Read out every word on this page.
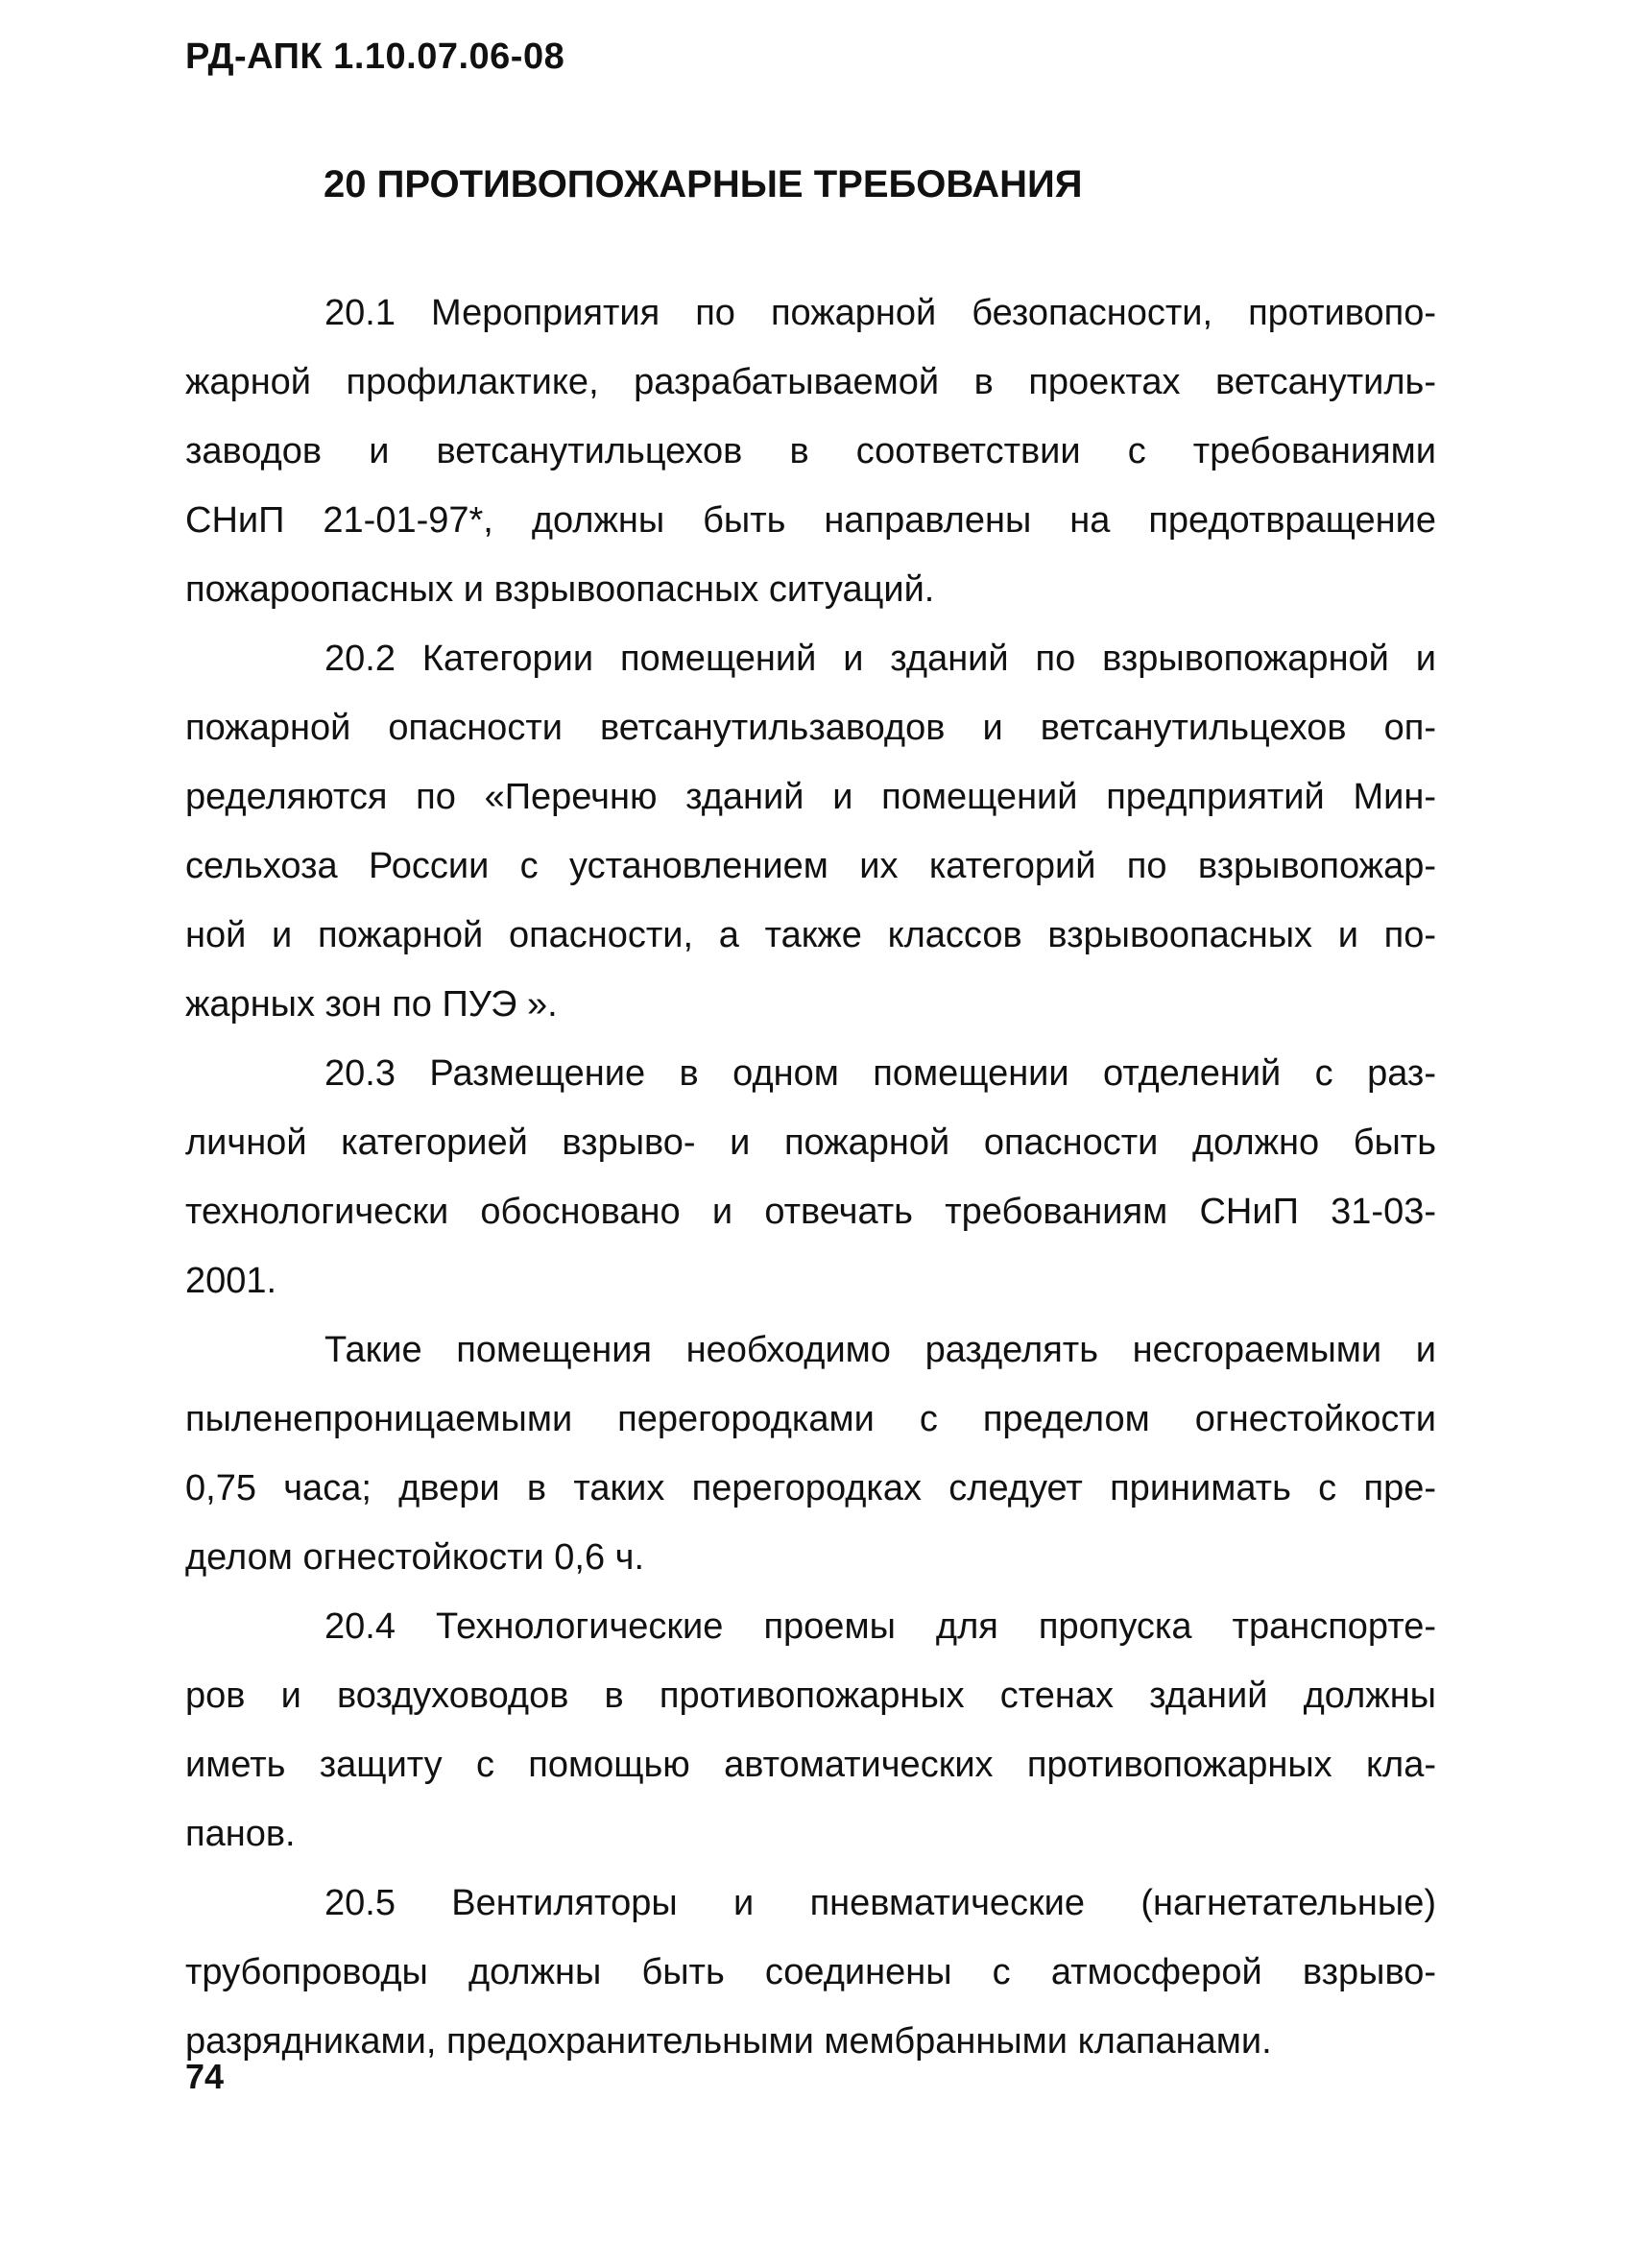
РД-АПК 1.10.07.06-08
20 ПРОТИВОПОЖАРНЫЕ ТРЕБОВАНИЯ
20.1 Мероприятия по пожарной безопасности, противопо-
жарной профилактике, разрабатываемой в проектах ветсанутиль-
заводов и ветсанутильцехов в соответствии с требованиями
СНиП 21-01-97*, должны быть направлены на предотвращение
пожароопасных и взрывоопасных ситуаций.
20.2 Категории помещений и зданий по взрывопожарной и
пожарной опасности ветсанутильзаводов и ветсанутильцехов оп-
ределяются по «Перечню зданий и помещений предприятий Мин-
сельхоза России с установлением их категорий по взрывопожар-
ной и пожарной опасности, а также классов взрывоопасных и по-
жарных зон по ПУЭ ».
20.3 Размещение в одном помещении отделений с раз-
личной категорией взрыво- и пожарной опасности должно быть
технологически обосновано и отвечать требованиям СНиП 31-03-
2001.
Такие помещения необходимо разделять несгораемыми и
пыленепроницаемыми перегородками с пределом огнестойкости
0,75 часа; двери в таких перегородках следует принимать с пре-
делом огнестойкости 0,6 ч.
20.4 Технологические проемы для пропуска транспорте-
ров и воздуховодов в противопожарных стенах зданий должны
иметь защиту с помощью автоматических противопожарных кла-
панов.
20.5 Вентиляторы и пневматические (нагнетательные)
трубопроводы должны быть соединены с атмосферой взрыво-
разрядниками, предохранительными мембранными клапанами.
74
